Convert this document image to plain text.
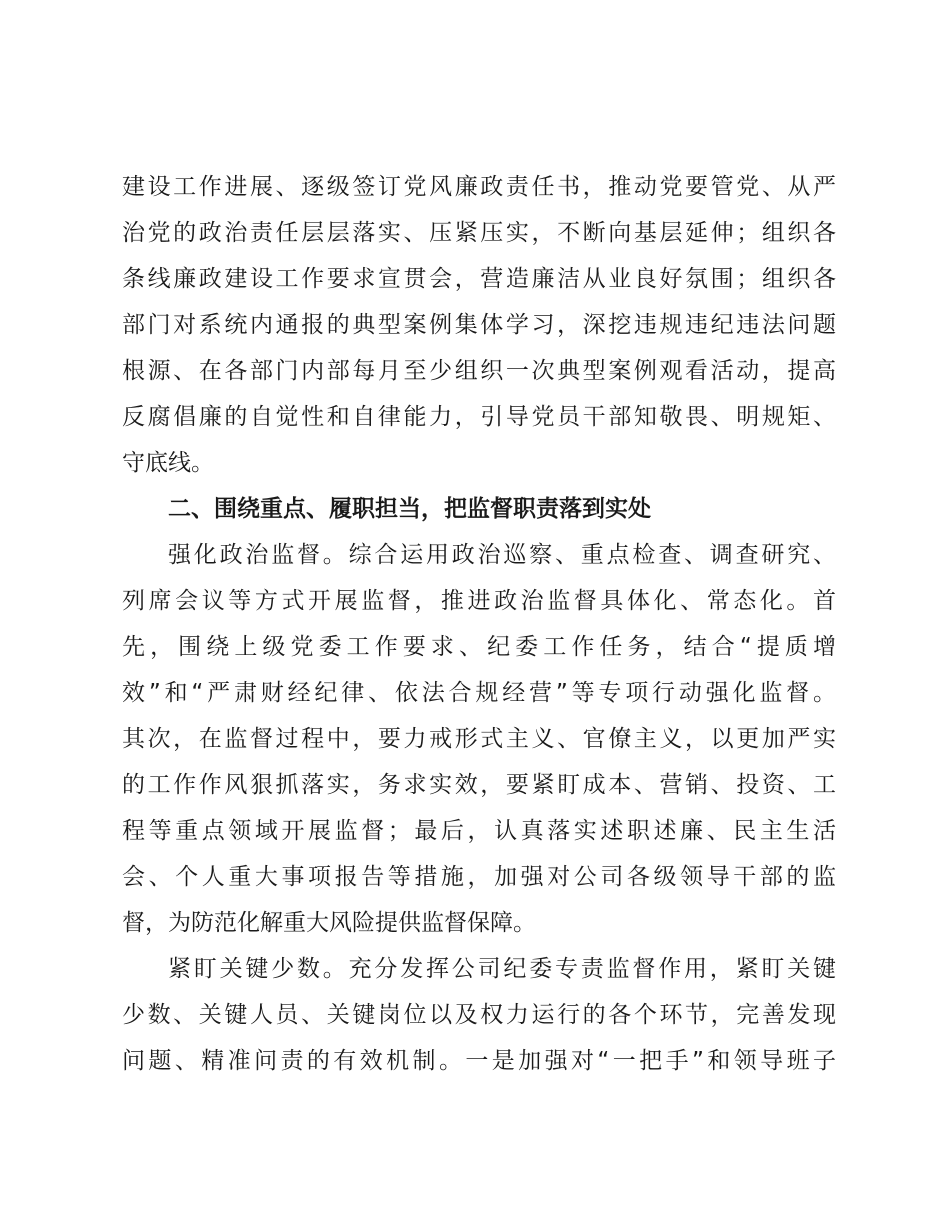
建设工作进展、逐级签订党风廉政责任书，推动党要管党、从严
治党的政治责任层层落实、压紧压实，不断向基层延伸；组织各
条线廉政建设工作要求宣贯会，营造廉洁从业良好氛围；组织各
部门对系统内通报的典型案例集体学习，深挖违规违纪违法问题
根源、在各部门内部每月至少组织一次典型案例观看活动，提高
反腐倡廉的自觉性和自律能力，引导党员干部知敬畏、明规矩、
守底线。
二、围绕重点、履职担当，把监督职责落到实处
强化政治监督。综合运用政治巡察、重点检查、调查研究、
列席会议等方式开展监督，推进政治监督具体化、常态化。首
先，围绕上级党委工作要求、纪委工作任务，结合“提质增
效”和“严肃财经纪律、依法合规经营”等专项行动强化监督。
其次，在监督过程中，要力戒形式主义、官僚主义，以更加严实
的工作作风狠抓落实，务求实效，要紧盯成本、营销、投资、工
程等重点领域开展监督；最后，认真落实述职述廉、民主生活
会、个人重大事项报告等措施，加强对公司各级领导干部的监
督，为防范化解重大风险提供监督保障。
紧盯关键少数。充分发挥公司纪委专责监督作用，紧盯关键
少数、关键人员、关键岗位以及权力运行的各个环节，完善发现
问题、精准问责的有效机制。一是加强对“一把手”和领导班子
